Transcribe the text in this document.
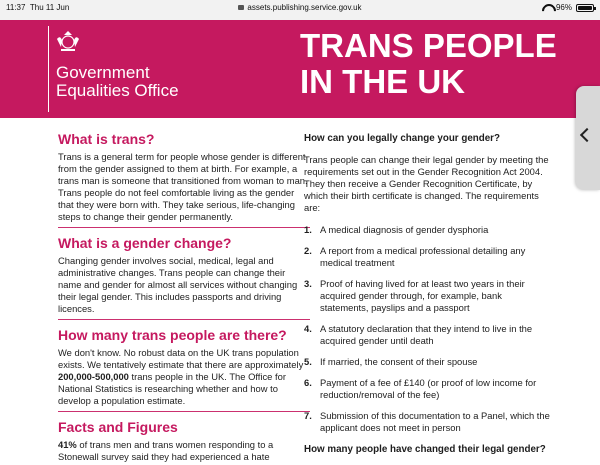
11:37 Thu 11 Jun	assets.publishing.service.gov.uk	96%
Government
Equalities Office
TRANS PEOPLE
IN THE UK
What is trans?

Trans is a general term for people whose gender is different from the gender assigned to them at birth. For example, a trans man is someone that transitioned from woman to man. Trans people do not feel comfortable living as the gender that they were born with. They take serious, life-changing steps to change their gender permanently.

What is a gender change?

Changing gender involves social, medical, legal and administrative changes. Trans people can change their name and gender for almost all services without changing their legal gender. This includes passports and driving licences.

How many trans people are there?

We don't know. No robust data on the UK trans population exists. We tentatively estimate that there are approximately 200,000-500,000 trans people in the UK. The Office for National Statistics is researching whether and how to develop a population estimate.

Facts and Figures

41% of trans men and trans women responding to a Stonewall survey said they had experienced a hate

How can you legally change your gender?

Trans people can change their legal gender by meeting the requirements set out in the Gender Recognition Act 2004. They then receive a Gender Recognition Certificate, by which their birth certificate is changed. The requirements are:

1. A medical diagnosis of gender dysphoria
2. A report from a medical professional detailing any medical treatment
3. Proof of having lived for at least two years in their acquired gender through, for example, bank statements, payslips and a passport
4. A statutory declaration that they intend to live in the acquired gender until death
5. If married, the consent of their spouse
6. Payment of a fee of £140 (or proof of low income for reduction/removal of the fee)
7. Submission of this documentation to a Panel, which the applicant does not meet in person
How many people have changed their legal gender?
